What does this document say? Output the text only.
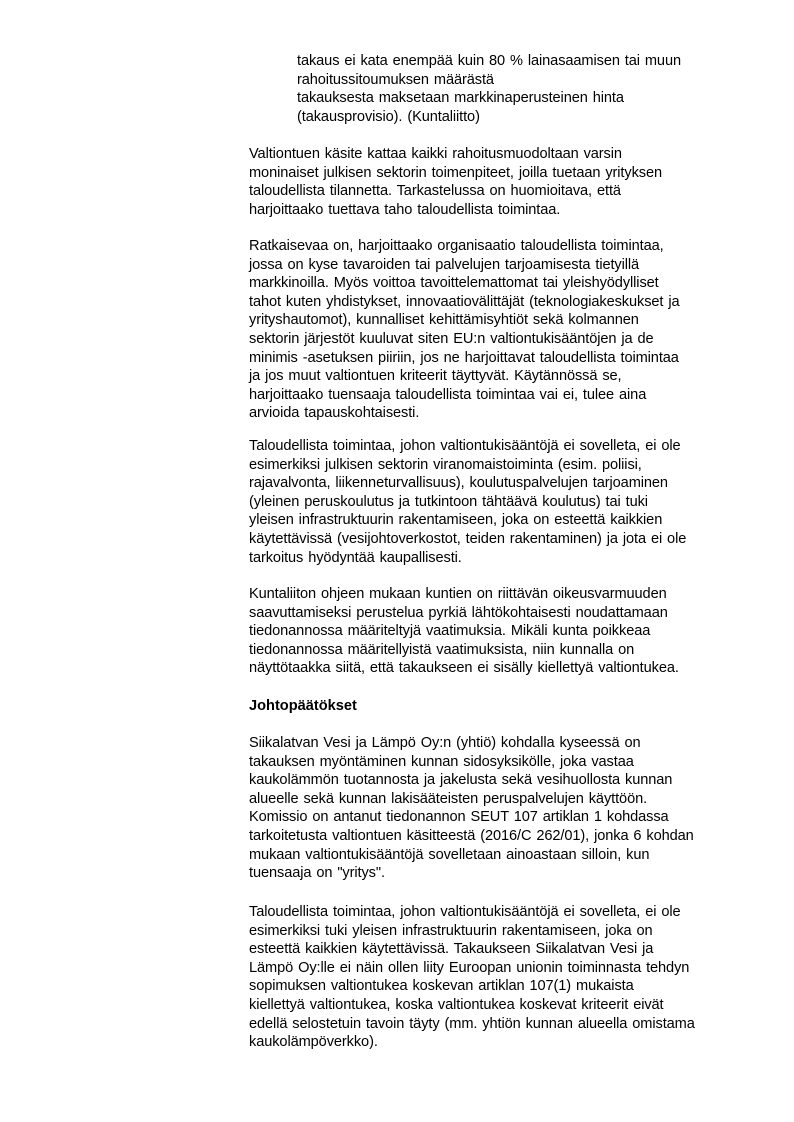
takaus ei kata enempää kuin 80 % lainasaamisen tai muun
rahoitussitoumuksen määrästä
takauksesta maksetaan markkinaperusteinen hinta
(takausprovisio). (Kuntaliitto)
Valtiontuen käsite kattaa kaikki rahoitusmuodoltaan varsin
moninaiset julkisen sektorin toimenpiteet, joilla tuetaan yrityksen
taloudellista tilannetta. Tarkastelussa on huomioitava, että
harjoittaako tuettava taho taloudellista toimintaa.
Ratkaisevaa on, harjoittaako organisaatio taloudellista toimintaa,
jossa on kyse tavaroiden tai palvelujen tarjoamisesta tietyillä
markkinoilla. Myös voittoa tavoittelemattomat tai yleishyödylliset
tahot kuten yhdistykset, innovaatiovälittäjät (teknologiakeskukset ja
yrityshautomot), kunnalliset kehittämisyhtiöt sekä kolmannen
sektorin järjestöt kuuluvat siten EU:n valtiontukisääntöjen ja de
minimis -asetuksen piiriin, jos ne harjoittavat taloudellista toimintaa
ja jos muut valtiontuen kriteerit täyttyvät. Käytännössä se,
harjoittaako tuensaaja taloudellista toimintaa vai ei, tulee aina
arvioida tapauskohtaisesti.
Taloudellista toimintaa, johon valtiontukisääntöjä ei sovelleta, ei ole
esimerkiksi julkisen sektorin viranomaistoiminta (esim. poliisi,
rajavalvonta, liikenneturvallisuus), koulutuspalvelujen tarjoaminen
(yleinen peruskoulutus ja tutkintoon tähtäävä koulutus) tai tuki
yleisen infrastruktuurin rakentamiseen, joka on esteettä kaikkien
käytettävissä (vesijohtoverkostot, teiden rakentaminen) ja jota ei ole
tarkoitus hyödyntää kaupallisesti.
Kuntaliiton ohjeen mukaan kuntien on riittävän oikeusvarmuuden
saavuttamiseksi perustelua pyrkiä lähtökohtaisesti noudattamaan
tiedonannossa määriteltyjä vaatimuksia. Mikäli kunta poikkeaa
tiedonannossa määritellyistä vaatimuksista, niin kunnalla on
näyttötaakka siitä, että takaukseen ei sisälly kiellettyä valtiontukea.
Johtopäätökset
Siikalatvan Vesi ja Lämpö Oy:n (yhtiö) kohdalla kyseessä on
takauksen myöntäminen kunnan sidosyksikölle, joka vastaa
kaukolämmön tuotannosta ja jakelusta sekä vesihuollosta kunnan
alueelle sekä kunnan lakisääteisten peruspalvelujen käyttöön.
Komissio on antanut tiedonannon SEUT 107 artiklan 1 kohdassa
tarkoitetusta valtiontuen käsitteestä (2016/C 262/01), jonka 6 kohdan
mukaan valtiontukisääntöjä sovelletaan ainoastaan silloin, kun
tuensaaja on "yritys".
Taloudellista toimintaa, johon valtiontukisääntöjä ei sovelleta, ei ole
esimerkiksi tuki yleisen infrastruktuurin rakentamiseen, joka on
esteettä kaikkien käytettävissä. Takaukseen Siikalatvan Vesi ja
Lämpö Oy:lle ei näin ollen liity Euroopan unionin toiminnasta tehdyn
sopimuksen valtiontukea koskevan artiklan 107(1) mukaista
kiellettyä valtiontukea, koska valtiontukea koskevat kriteerit eivät
edellä selostetuin tavoin täyty (mm. yhtiön kunnan alueella omistama
kaukolämpöverkko).
